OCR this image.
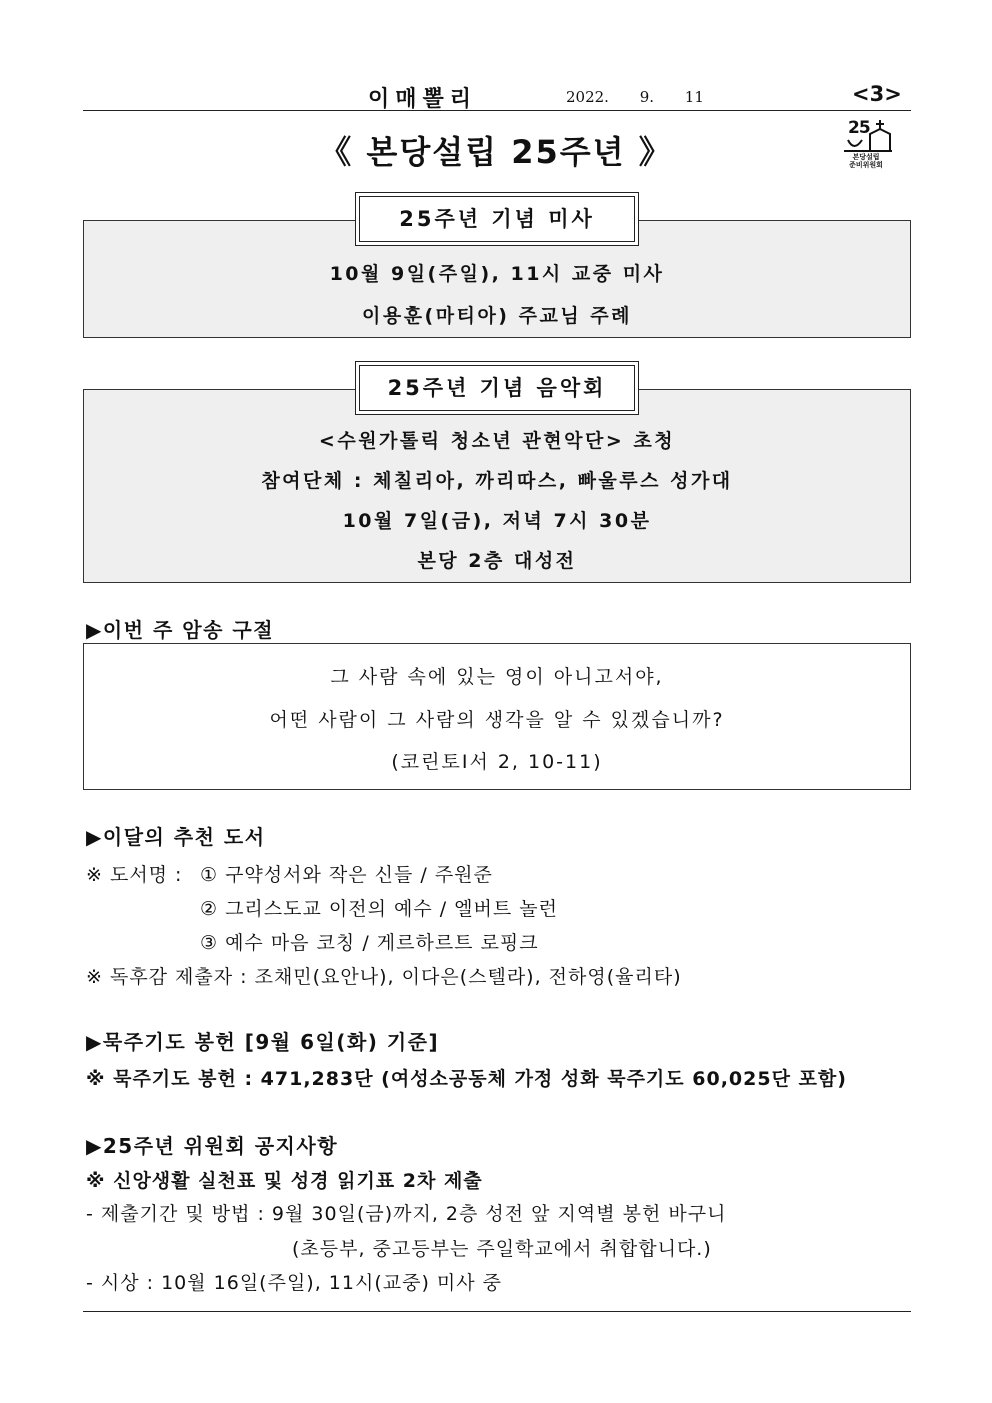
이매뽈리	2022. 9. 11	<3>
《 본당설립 25주년 》
25
본당설립
준비위원회
10월 9일(주일), 11시 교중 미사
이용훈(마티아) 주교님 주례
25주년 기념 미사
<수원가톨릭 청소년 관현악단> 초청
참여단체 : 체칠리아, 까리따스, 빠울루스 성가대
10월 7일(금), 저녁 7시 30분
본당 2층 대성전
25주년 기념 음악회
▶이번 주 암송 구절
그 사람 속에 있는 영이 아니고서야,
어떤 사람이 그 사람의 생각을 알 수 있겠습니까?
(코린토Ⅰ서 2, 10-11)
▶이달의 추천 도서
※ 도서명 : ① 구약성서와 작은 신들 / 주원준
② 그리스도교 이전의 예수 / 엘버트 놀런
③ 예수 마음 코칭 / 게르하르트 로핑크
※ 독후감 제출자 : 조채민(요안나), 이다은(스텔라), 전하영(율리타)
▶묵주기도 봉헌 [9월 6일(화) 기준]
※ 묵주기도 봉헌 : 471,283단 (여성소공동체 가정 성화 묵주기도 60,025단 포함)
▶25주년 위원회 공지사항
※ 신앙생활 실천표 및 성경 읽기표 2차 제출
- 제출기간 및 방법 : 9월 30일(금)까지, 2층 성전 앞 지역별 봉헌 바구니
(초등부, 중고등부는 주일학교에서 취합합니다.)
- 시상 : 10월 16일(주일), 11시(교중) 미사 중
